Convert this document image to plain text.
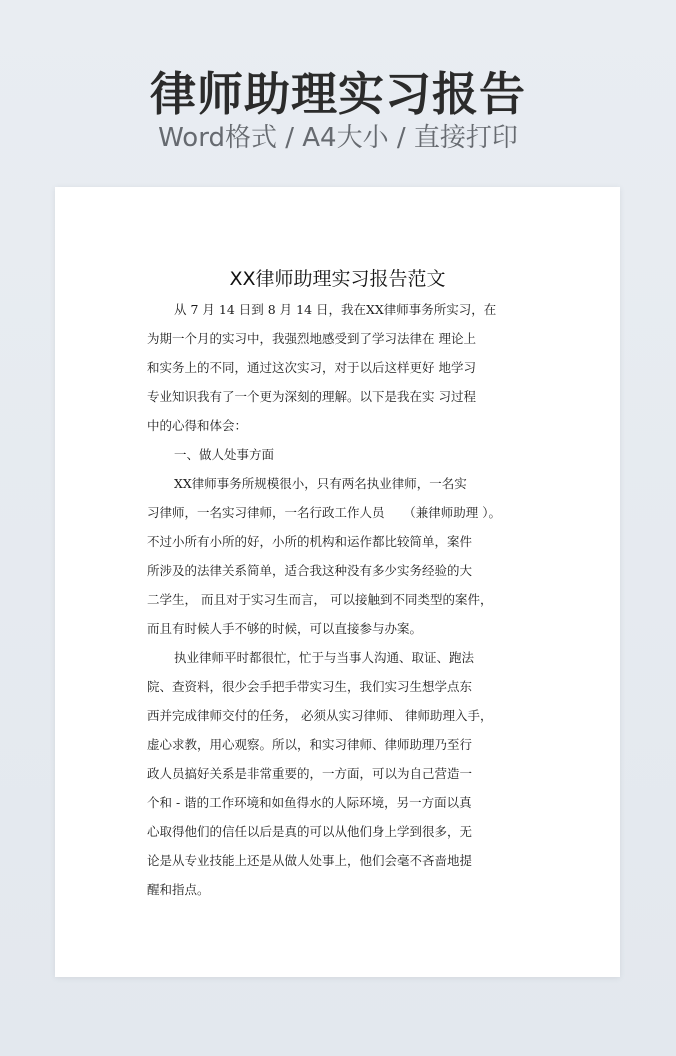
律师助理实习报告
Word格式 / A4大小 / 直接打印
XX律师助理实习报告范文
从 7 月 14 日到 8 月 14 日，我在XX律师事务所实习，在
为期一个月的实习中，我强烈地感受到了学习法律在 理论上
和实务上的不同，通过这次实习，对于以后这样更好 地学习
专业知识我有了一个更为深刻的理解。以下是我在实 习过程
中的心得和体会：
一、做人处事方面
XX律师事务所规模很小，只有两名执业律师，一名实
习律师，一名实习律师，一名行政工作人员　　（兼律师助理 ）。
不过小所有小所的好，小所的机构和运作都比较简单，案件
所涉及的法律关系简单，适合我这种没有多少实务经验的大
二学生， 而且对于实习生而言， 可以接触到不同类型的案件，
而且有时候人手不够的时候，可以直接参与办案。
执业律师平时都很忙，忙于与当事人沟通、取证、跑法
院、查资料，很少会手把手带实习生，我们实习生想学点东
西并完成律师交付的任务， 必须从实习律师、 律师助理入手，
虚心求教，用心观察。所以，和实习律师、律师助理乃至行
政人员搞好关系是非常重要的，一方面，可以为自己营造一
个和 - 谐的工作环境和如鱼得水的人际环境，另一方面以真
心取得他们的信任以后是真的可以从他们身上学到很多，无
论是从专业技能上还是从做人处事上，他们会毫不吝啬地提
醒和指点。
